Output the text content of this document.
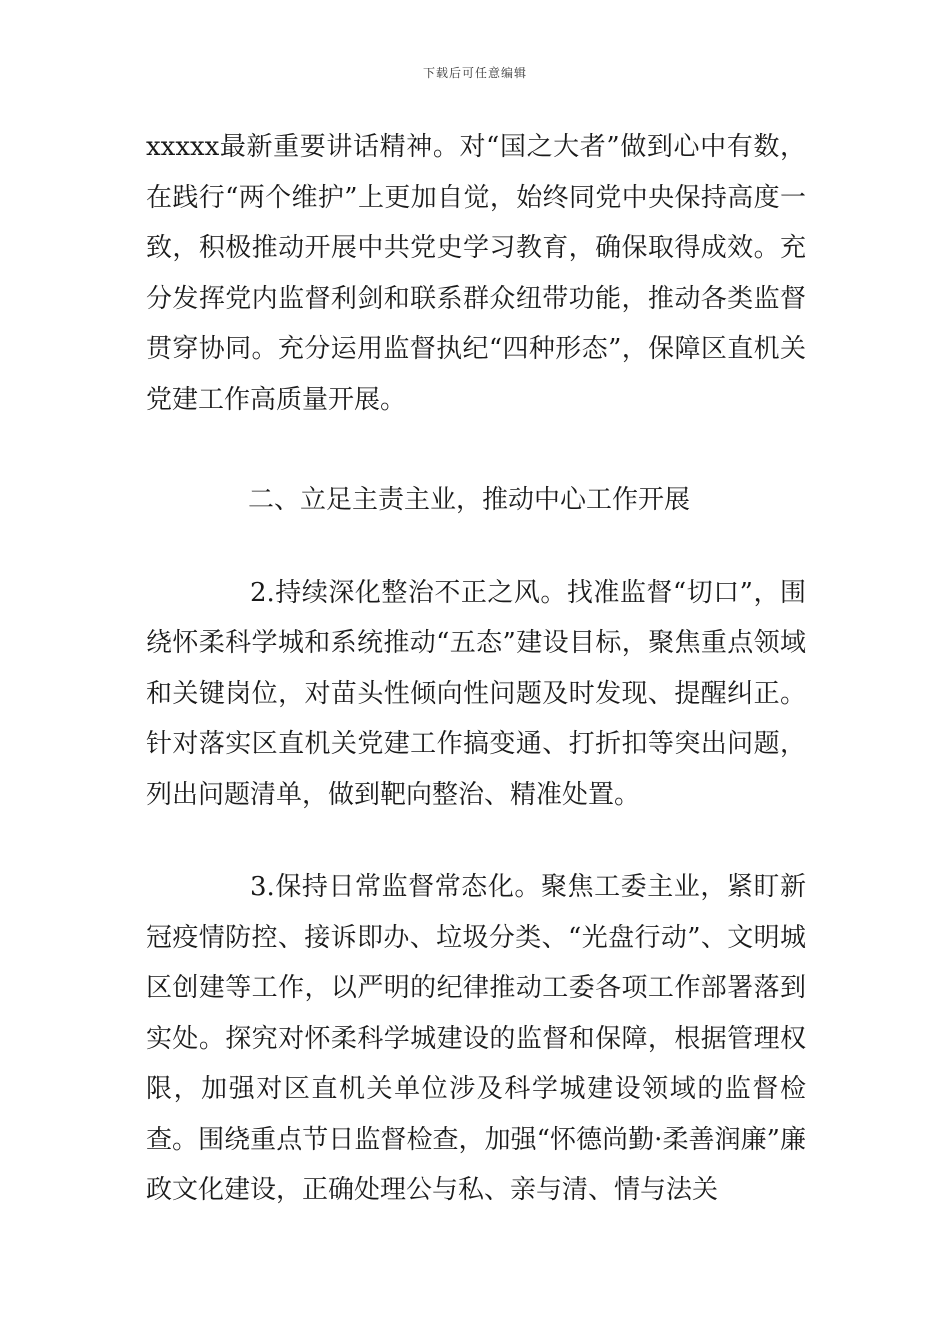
下载后可任意编辑

xxxxx最新重要讲话精神。对“国之大者”做到心中有数，在践行“两个维护”上更加自觉，始终同党中央保持高度一致，积极推动开展中共党史学习教育，确保取得成效。充分发挥党内监督利剑和联系群众纽带功能，推动各类监督贯穿协同。充分运用监督执纪“四种形态”，保障区直机关党建工作高质量开展。

二、立足主责主业，推动中心工作开展

2.持续深化整治不正之风。找准监督“切口”，围绕怀柔科学城和系统推动“五态”建设目标，聚焦重点领域和关键岗位，对苗头性倾向性问题及时发现、提醒纠正。针对落实区直机关党建工作搞变通、打折扣等突出问题，列出问题清单，做到靶向整治、精准处置。

3.保持日常监督常态化。聚焦工委主业，紧盯新冠疫情防控、接诉即办、垃圾分类、“光盘行动”、文明城区创建等工作，以严明的纪律推动工委各项工作部署落到实处。探究对怀柔科学城建设的监督和保障，根据管理权限，加强对区直机关单位涉及科学城建设领域的监督检查。围绕重点节日监督检查，加强“怀德尚勤·柔善润廉”廉政文化建设，正确处理公与私、亲与清、情与法关
